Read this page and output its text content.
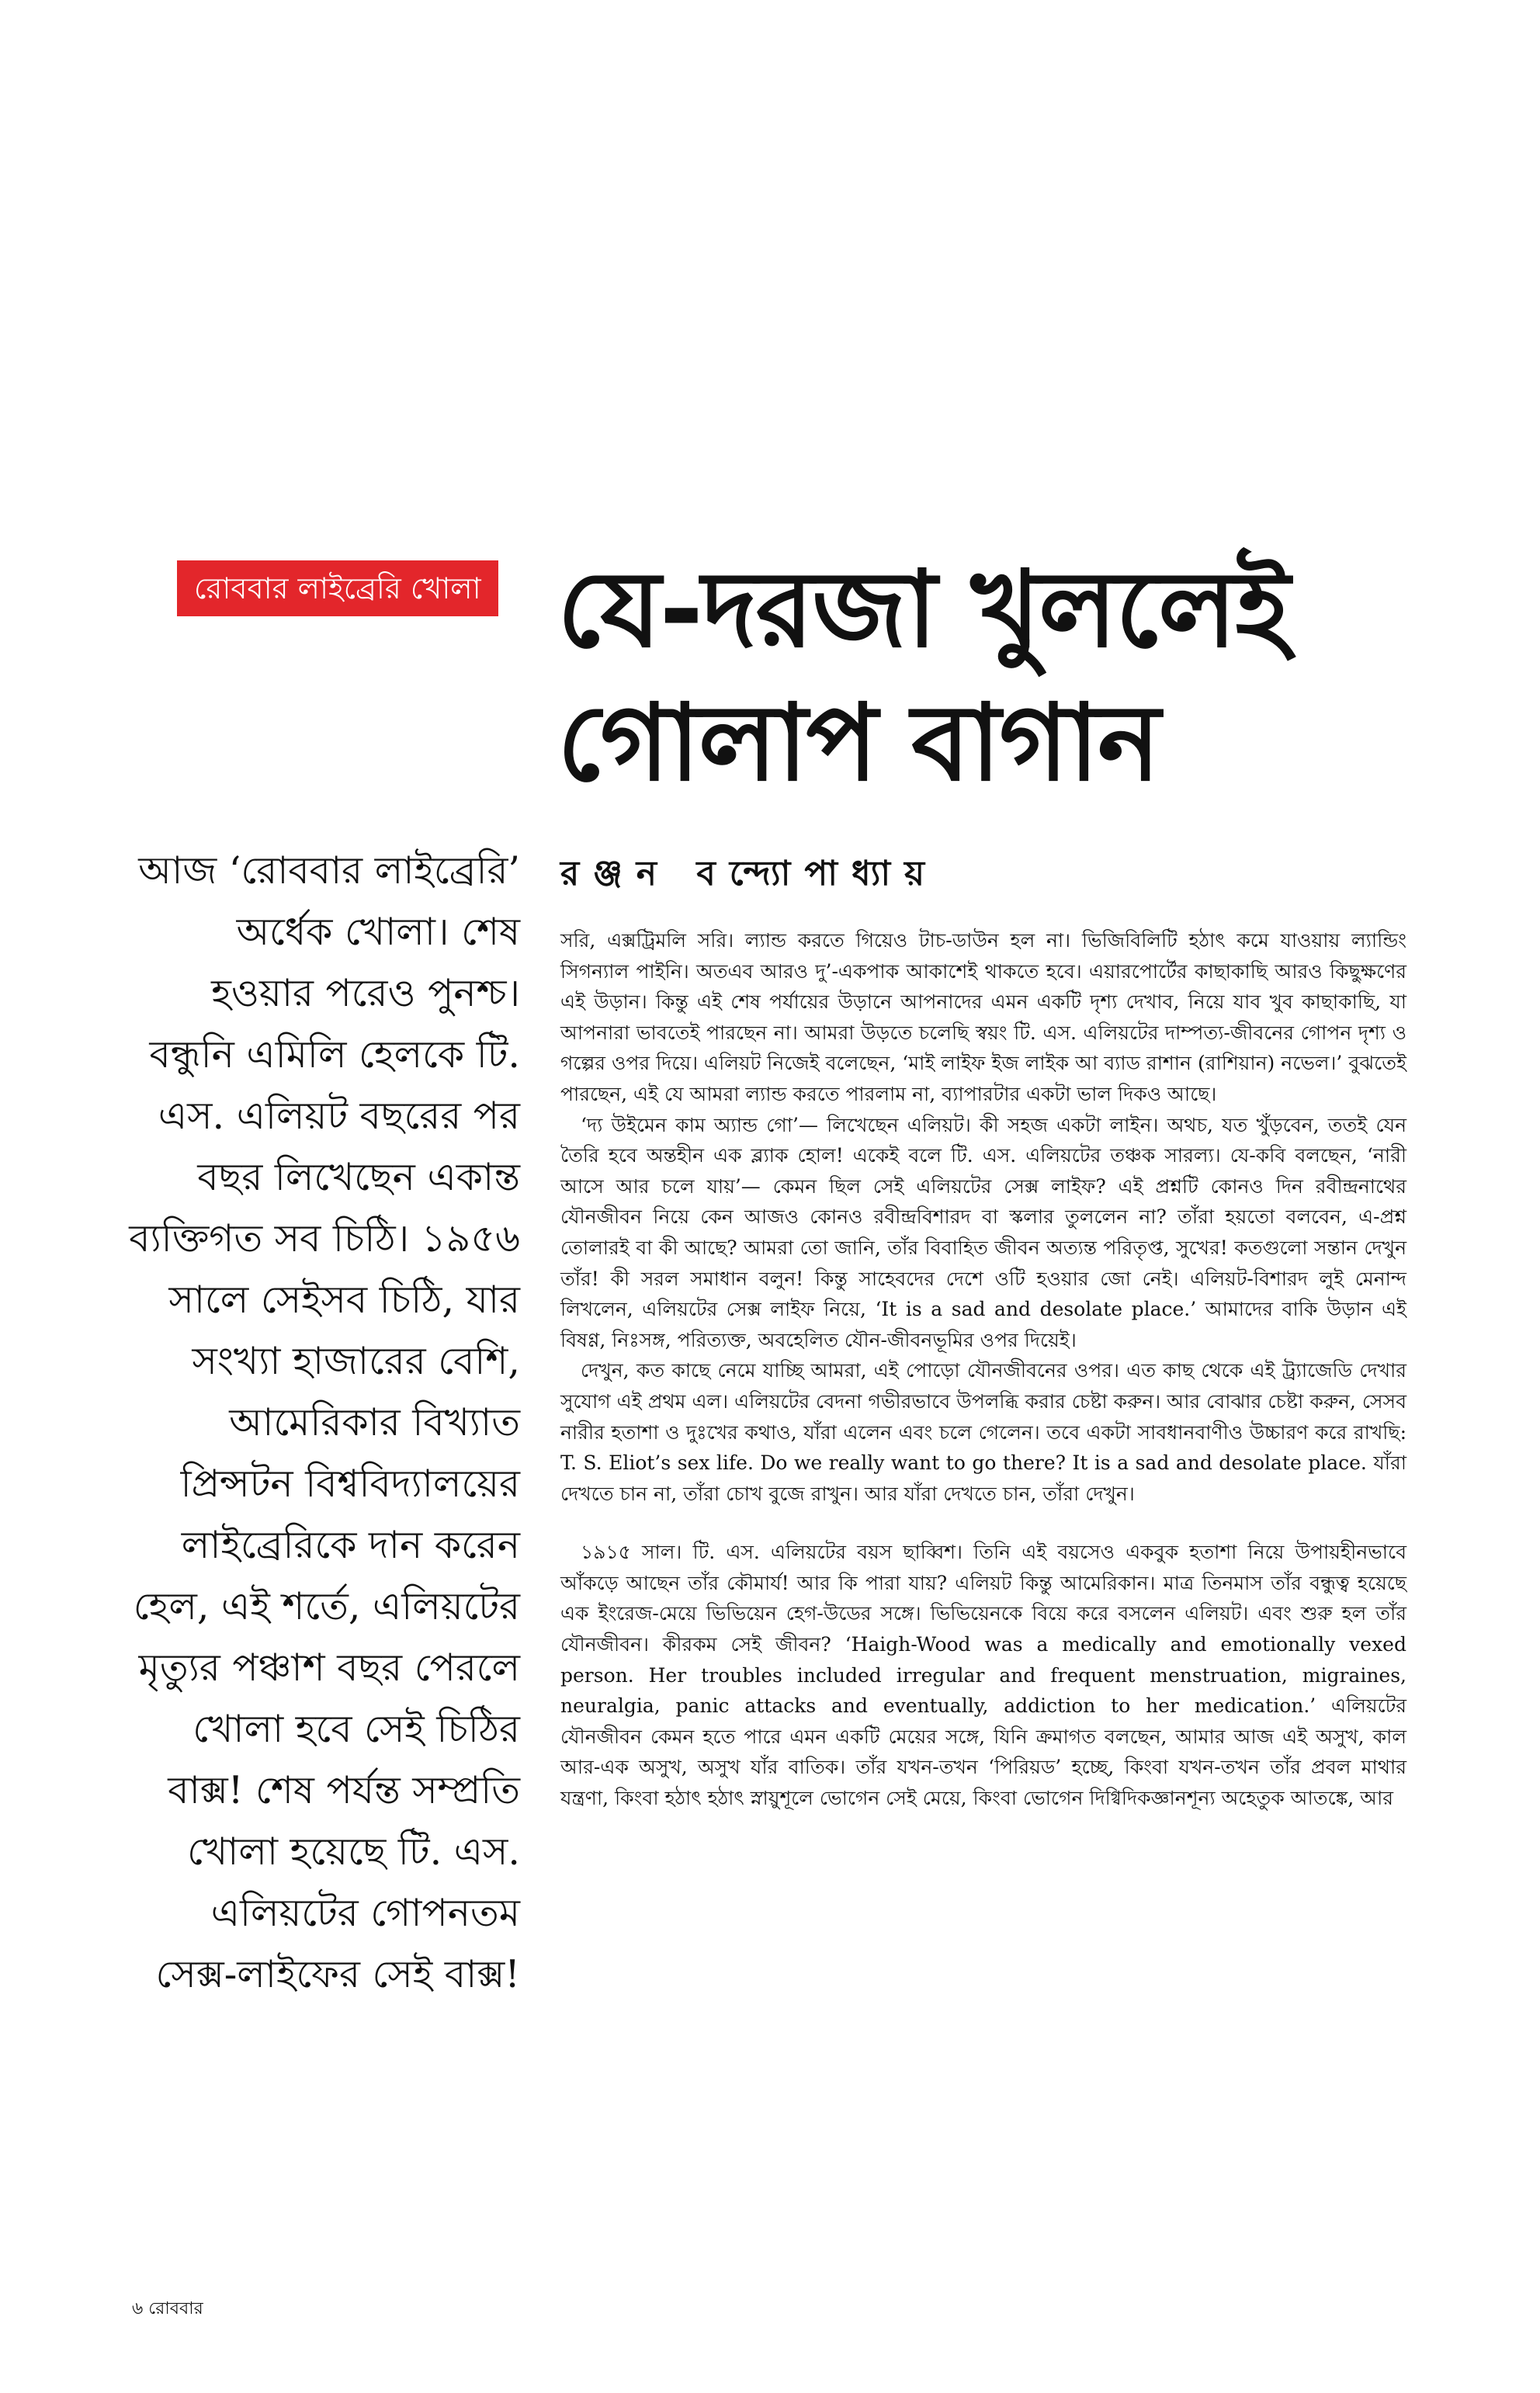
রোববার লাইব্রেরি খোলা যে-দরজা খুললেই
গোলাপ বাগান
রঞ্জন বন্দ্যোপাধ্যায়

আজ ‘রোববার লাইব্রেরি’ অর্ধেক খোলা। শেষ হওয়ার পরেও পুনশ্চ। বন্ধুনি এমিলি হেলকে টি. এস. এলিয়ট বছরের পর বছর লিখেছেন একান্ত ব্যক্তিগত সব চিঠি। ১৯৫৬ সালে সেইসব চিঠি, যার সংখ্যা হাজারের বেশি, আমেরিকার বিখ্যাত প্রিন্সটন বিশ্ববিদ্যালয়ের লাইব্রেরিকে দান করেন হেল, এই শর্তে, এলিয়টের মৃত্যুর পঞ্চাশ বছর পেরলে খোলা হবে সেই চিঠির বাক্স! শেষ পর্যন্ত সম্প্রতি খোলা হয়েছে টি. এস. এলিয়টের গোপনতম সেক্স-লাইফের সেই বাক্স!

সরি, এক্সট্রিমলি সরি। ল্যান্ড করতে গিয়েও টাচ-ডাউন হল না। ভিজিবিলিটি হঠাৎ কমে যাওয়ায় ল্যান্ডিং সিগন্যাল পাইনি। অতএব আরও দু’-একপাক আকাশেই থাকতে হবে। এয়ারপোর্টের কাছাকাছি আরও কিছুক্ষণের এই উড়ান। কিন্তু এই শেষ পর্যায়ের উড়ানে আপনাদের এমন একটি দৃশ্য দেখাব, নিয়ে যাব খুব কাছাকাছি, যা আপনারা ভাবতেই পারছেন না। আমরা উড়তে চলেছি স্বয়ং টি. এস. এলিয়টের দাম্পত্য-জীবনের গোপন দৃশ্য ও গল্পের ওপর দিয়ে। এলিয়ট নিজেই বলেছেন, ‘মাই লাইফ ইজ লাইক আ ব্যাড রাশান (রাশিয়ান) নভেল।’ বুঝতেই পারছেন, এই যে আমরা ল্যান্ড করতে পারলাম না, ব্যাপারটার একটা ভাল দিকও আছে।

‘দ্য উইমেন কাম অ্যান্ড গো’— লিখেছেন এলিয়ট। কী সহজ একটা লাইন। অথচ, যত খুঁড়বেন, ততই যেন তৈরি হবে অন্তহীন এক ব্ল্যাক হোল! একেই বলে টি. এস. এলিয়টের তঞ্চক সারল্য। যে-কবি বলছেন, ‘নারী আসে আর চলে যায়’— কেমন ছিল সেই এলিয়টের সেক্স লাইফ? এই প্রশ্নটি কোনও দিন রবীন্দ্রনাথের যৌনজীবন নিয়ে কেন আজও কোনও রবীন্দ্রবিশারদ বা স্কলার তুললেন না? তাঁরা হয়তো বলবেন, এ-প্রশ্ন তোলারই বা কী আছে? আমরা তো জানি, তাঁর বিবাহিত জীবন অত্যন্ত পরিতৃপ্ত, সুখের! কতগুলো সন্তান দেখুন তাঁর! কী সরল সমাধান বলুন! কিন্তু সাহেবদের দেশে ওটি হওয়ার জো নেই। এলিয়ট-বিশারদ লুই মেনান্দ লিখলেন, এলিয়টের সেক্স লাইফ নিয়ে, ‘It is a sad and desolate place.’ আমাদের বাকি উড়ান এই বিষণ্ণ, নিঃসঙ্গ, পরিত্যক্ত, অবহেলিত যৌন-জীবনভূমির ওপর দিয়েই।

দেখুন, কত কাছে নেমে যাচ্ছি আমরা, এই পোড়ো যৌনজীবনের ওপর। এত কাছ থেকে এই ট্র্যাজেডি দেখার সুযোগ এই প্রথম এল। এলিয়টের বেদনা গভীরভাবে উপলব্ধি করার চেষ্টা করুন। আর বোঝার চেষ্টা করুন, সেসব নারীর হতাশা ও দুঃখের কথাও, যাঁরা এলেন এবং চলে গেলেন। তবে একটা সাবধানবাণীও উচ্চারণ করে রাখছি: T. S. Eliot’s sex life. Do we really want to go there? It is a sad and desolate place. যাঁরা দেখতে চান না, তাঁরা চোখ বুজে রাখুন। আর যাঁরা দেখতে চান, তাঁরা দেখুন।

১৯১৫ সাল। টি. এস. এলিয়টের বয়স ছাব্বিশ। তিনি এই বয়সেও একবুক হতাশা নিয়ে উপায়হীনভাবে আঁকড়ে আছেন তাঁর কৌমার্য! আর কি পারা যায়? এলিয়ট কিন্তু আমেরিকান। মাত্র তিনমাস তাঁর বন্ধুত্ব হয়েছে এক ইংরেজ-মেয়ে ভিভিয়েন হেগ-উডের সঙ্গে। ভিভিয়েনকে বিয়ে করে বসলেন এলিয়ট। এবং শুরু হল তাঁর যৌনজীবন। কীরকম সেই জীবন? ‘Haigh-Wood was a medically and emotionally vexed person. Her troubles included irregular and frequent menstruation, migraines, neuralgia, panic attacks and eventually, addiction to her medication.’ এলিয়টের যৌনজীবন কেমন হতে পারে এমন একটি মেয়ের সঙ্গে, যিনি ক্রমাগত বলছেন, আমার আজ এই অসুখ, কাল আর-এক অসুখ, অসুখ যাঁর বাতিক। তাঁর যখন-তখন ‘পিরিয়ড’ হচ্ছে, কিংবা যখন-তখন তাঁর প্রবল মাথার যন্ত্রণা, কিংবা হঠাৎ হঠাৎ স্নায়ুশূলে ভোগেন সেই মেয়ে, কিংবা ভোগেন দিগ্বিদিকজ্ঞানশূন্য অহেতুক আতঙ্কে, আর

৬ রোববার
